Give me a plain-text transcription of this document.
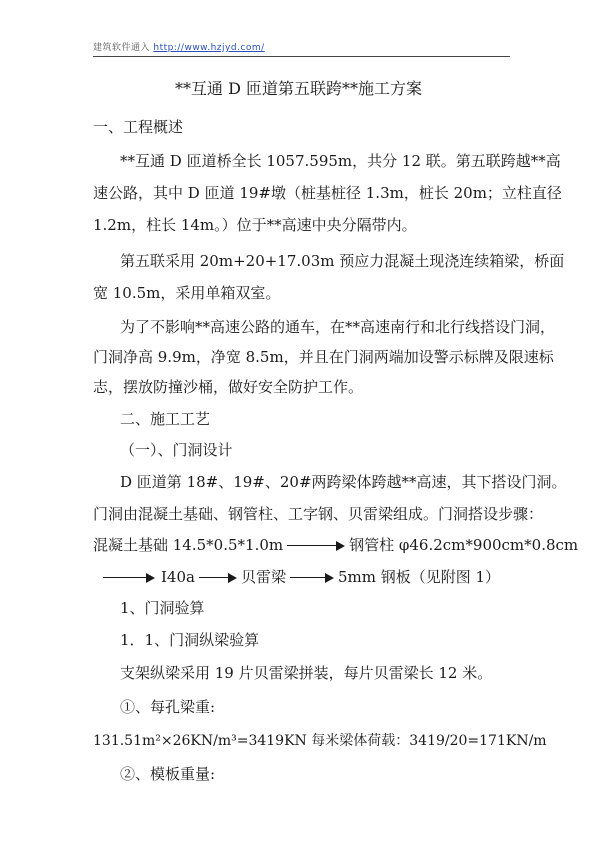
建筑软件通入 http://www.hzjyd.com/
**互通 D 匝道第五联跨**施工方案
一、工程概述
**互通 D 匝道桥全长 1057.595m，共分 12 联。第五联跨越**高
速公路，其中 D 匝道 19#墩（桩基桩径 1.3m，桩长 20m；立柱直径
1.2m，柱长 14m。）位于**高速中央分隔带内。
第五联采用 20m+20+17.03m 预应力混凝土现浇连续箱梁，桥面
宽 10.5m，采用单箱双室。
为了不影响**高速公路的通车，在**高速南行和北行线搭设门洞，
门洞净高 9.9m，净宽 8.5m，并且在门洞两端加设警示标牌及限速标
志，摆放防撞沙桶，做好安全防护工作。
二、施工工艺
（一）、门洞设计
D 匝道第 18#、19#、20#两跨梁体跨越**高速，其下搭设门洞。
门洞由混凝土基础、钢管柱、工字钢、贝雷梁组成。门洞搭设步骤：
混凝土基础 14.5*0.5*1.0m	钢管柱 φ46.2cm*900cm*0.8cm
I40a	贝雷梁	5mm 钢板（见附图 1）
1、门洞验算
1．1、门洞纵梁验算
支架纵梁采用 19 片贝雷梁拼装，每片贝雷梁长 12 米。
①、每孔梁重:
131.51m²×26KN/m³=3419KN 每米梁体荷载：3419/20=171KN/m
②、模板重量:
